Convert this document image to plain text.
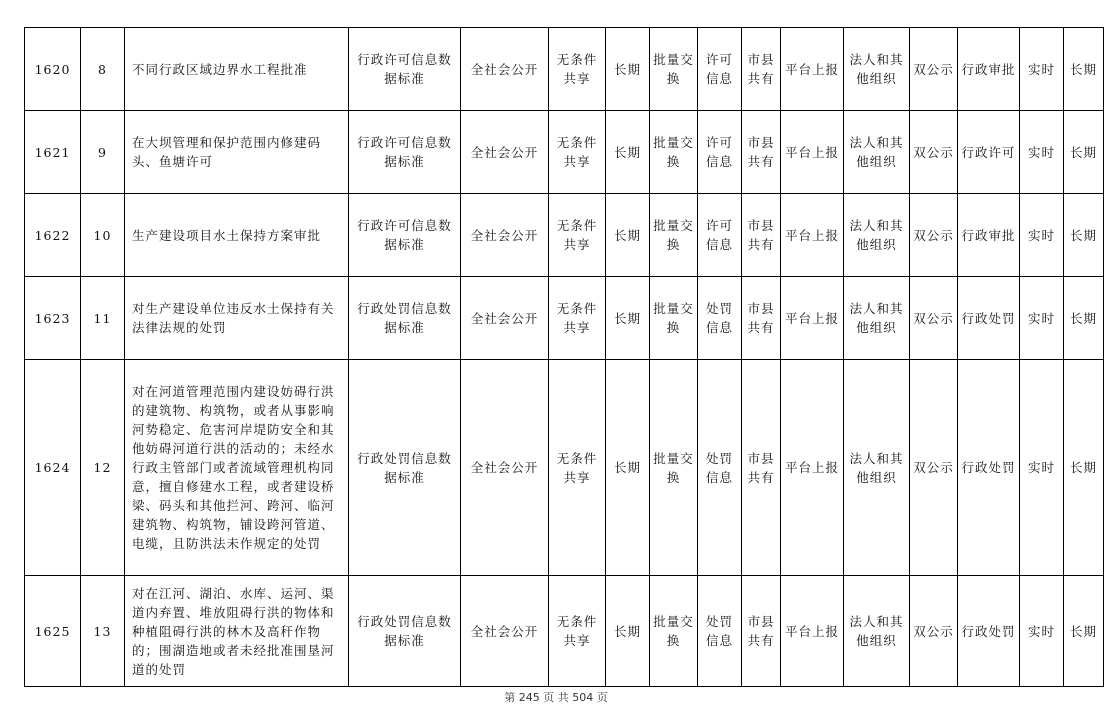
1620	8	不同行政区域边界水工程批准	行政许可信息数据标准	全社会公开	无条件共享	长期	批量交换	许可信息	市县共有	平台上报	法人和其他组织	双公示	行政审批	实时	长期
1621	9	在大坝管理和保护范围内修建码头、鱼塘许可	行政许可信息数据标准	全社会公开	无条件共享	长期	批量交换	许可信息	市县共有	平台上报	法人和其他组织	双公示	行政许可	实时	长期
1622	10	生产建设项目水土保持方案审批	行政许可信息数据标准	全社会公开	无条件共享	长期	批量交换	许可信息	市县共有	平台上报	法人和其他组织	双公示	行政审批	实时	长期
1623	11	对生产建设单位违反水土保持有关法律法规的处罚	行政处罚信息数据标准	全社会公开	无条件共享	长期	批量交换	处罚信息	市县共有	平台上报	法人和其他组织	双公示	行政处罚	实时	长期
1624	12	对在河道管理范围内建设妨碍行洪的建筑物、构筑物，或者从事影响河势稳定、危害河岸堤防安全和其他妨碍河道行洪的活动的；未经水行政主管部门或者流域管理机构同意，擅自修建水工程，或者建设桥梁、码头和其他拦河、跨河、临河建筑物、构筑物，铺设跨河管道、电缆，且防洪法未作规定的处罚	行政处罚信息数据标准	全社会公开	无条件共享	长期	批量交换	处罚信息	市县共有	平台上报	法人和其他组织	双公示	行政处罚	实时	长期
1625	13	对在江河、湖泊、水库、运河、渠道内弃置、堆放阻碍行洪的物体和种植阻碍行洪的林木及高秆作物的；围湖造地或者未经批准围垦河道的处罚	行政处罚信息数据标准	全社会公开	无条件共享	长期	批量交换	处罚信息	市县共有	平台上报	法人和其他组织	双公示	行政处罚	实时	长期
第 245 页 共 504 页
